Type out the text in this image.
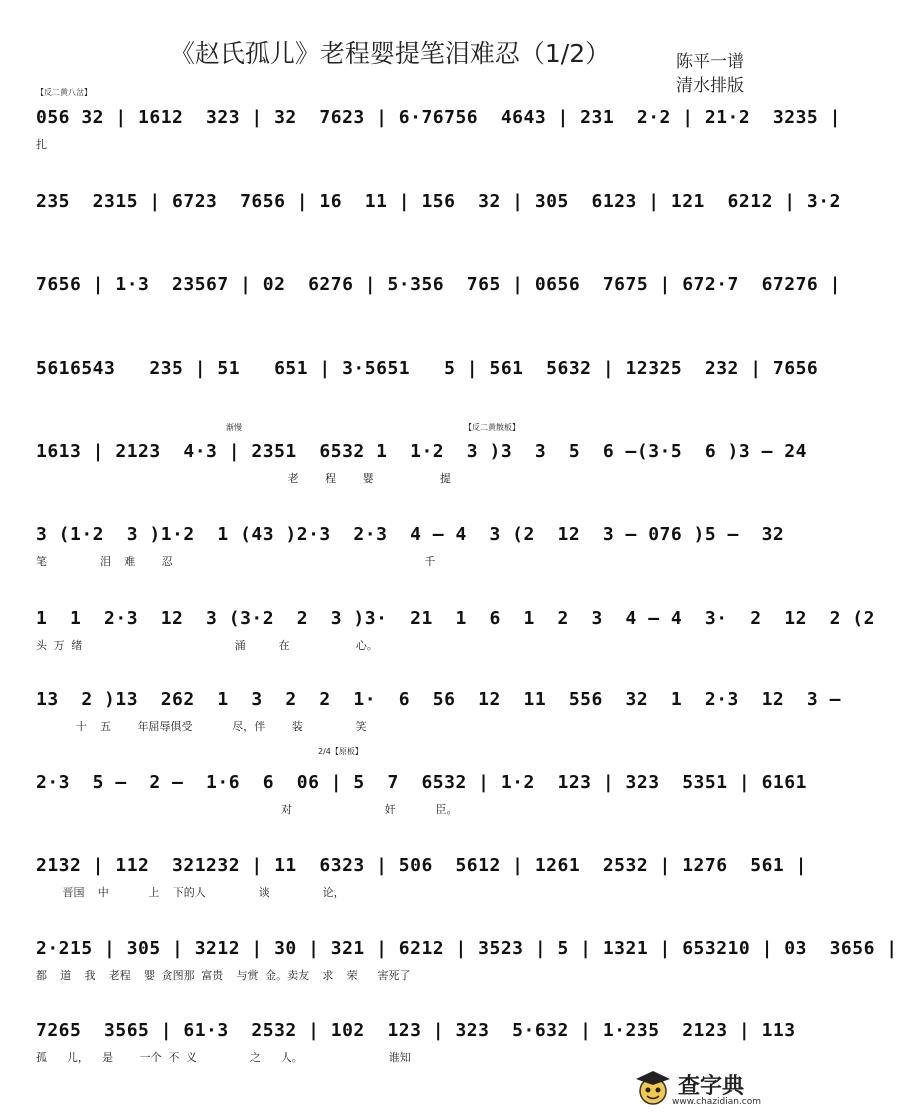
《赵氏孤儿》老程婴提笔泪难忍（1/2）	陈平一谱
清水排版
【反二黄八岔】
渐慢	【反二黄散板】
2/4【原板】
056 32 | 1612  323 | 32  7623 | 6·76756  4643 | 231  2·2 | 21·2  3235 |
扎
235  2315 | 6723  7656 | 16  11 | 156  32 | 305  6123 | 121  6212 | 3·2
7656 | 1·3  23567 | 02  6276 | 5·356  765 | 0656  7675 | 672·7  67276 |
5616543   235 | 51   651 | 3·5651   5 | 561  5632 | 12325  232 | 7656
1613 | 2123  4·3 | 2351  6532 1  1·2  3 )3  3  5  6 —(3·5  6 )3 — 24
老    程    婴          提
3 (1·2  3 )1·2  1 (43 )2·3  2·3  4 — 4  3 (2  12  3 — 076 )5 —  32
笔        泪  难    忍                                      千
1  1  2·3  12  3 (3·2  2  3 )3·  21  1  6  1  2  3  4 — 4  3·  2  12  2 (2
头 万 绪                       涌     在          心。
13  2 )13  262  1  3  2  2  1·  6  56  12  11  556  32  1  2·3  12  3 —
十  五    年屈辱俱受      尽，伴    装        笑
2·3  5 —  2 —  1·6  6  06 | 5  7  6532 | 1·2  123 | 323  5351 | 6161
对              奸      臣。
2132 | 112  321232 | 11  6323 | 506  5612 | 1261  2532 | 1276  561 |
晋国  中      上  下的人        谈        论，
2·215 | 305 | 3212 | 30 | 321 | 6212 | 3523 | 5 | 1321 | 653210 | 03  3656 |
都  道  我  老程  婴 贪图那 富贵  与赏 金。卖友  求  荣   害死了
7265  3565 | 61·3  2532 | 102  123 | 323  5·632 | 1·235  2123 | 113
孤   儿，  是    一个 不 义        之   人。             谁知
查字典
www.chazidian.com
